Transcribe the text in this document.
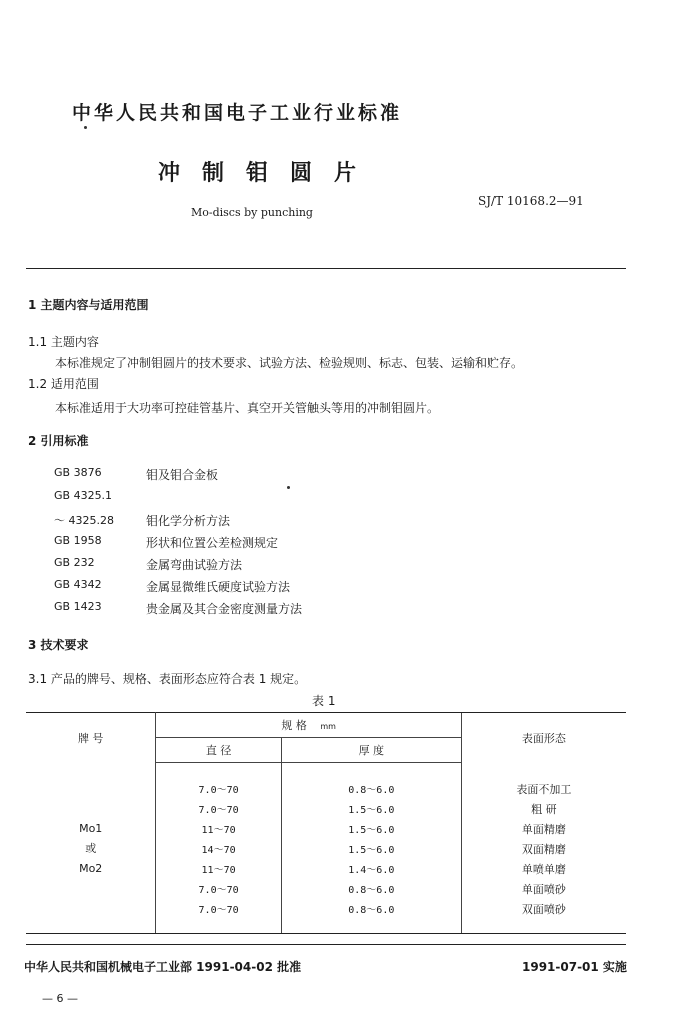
中华人民共和国电子工业行业标准
冲制钼圆片
SJ/T 10168.2—91
Mo-discs by punching
1 主题内容与适用范围
1.1 主题内容
本标准规定了冲制钼圆片的技术要求、试验方法、检验规则、标志、包装、运输和贮存。
1.2 适用范围
本标准适用于大功率可控硅管基片、真空开关管触头等用的冲制钼圆片。
2 引用标准
GB 3876	钼及钼合金板
GB 4325.1
～ 4325.28	钼化学分析方法
GB 1958	形状和位置公差检测规定
GB 232	金属弯曲试验方法
GB 4342	金属显微维氏硬度试验方法
GB 1423	贵金属及其合金密度测量方法
3 技术要求
3.1 产品的牌号、规格、表面形态应符合表 1 规定。
表 1
牌 号	规 格 mm		表面形态
	直 径	厚 度	

Mo1
或
Mo2	7.0～70	0.8～6.0	表面不加工
	7.0～70	1.5～6.0	粗 研
	11～70	1.5～6.0	单面精磨
	14～70	1.5～6.0	双面精磨
	11～70	1.4～6.0	单喷单磨
	7.0～70	0.8～6.0	单面喷砂
	7.0～70	0.8～6.0	双面喷砂

中华人民共和国机械电子工业部 1991-04-02 批准	1991-07-01 实施
— 6 —
